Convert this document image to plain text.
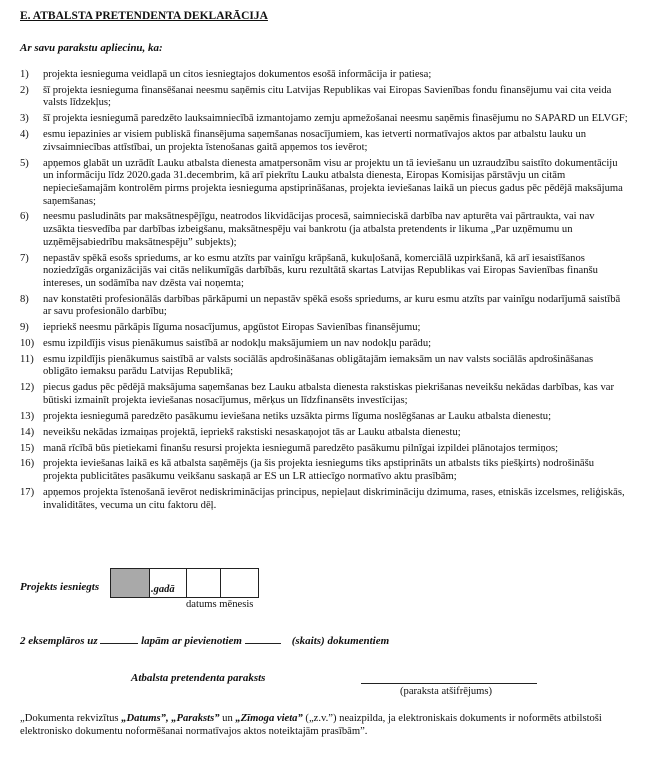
E. ATBALSTA PRETENDENTA DEKLARĀCIJA
Ar savu parakstu apliecinu, ka:
1)	projekta iesnieguma veidlapā un citos iesniegtajos dokumentos esošā informācija ir patiesa;
2)	šī projekta iesnieguma finansēšanai neesmu saņēmis citu Latvijas Republikas vai Eiropas Savienības fondu finansējumu vai cita veida valsts līdzekļus;
3)	šī projekta iesniegumā paredzēto lauksaimniecībā izmantojamo zemju apmežošanai neesmu saņēmis finasējumu no SAPARD un ELVGF;
4)	esmu iepazinies ar visiem publiskā finansējuma saņemšanas nosacījumiem, kas ietverti normatīvajos aktos par atbalstu lauku un zivsaimniecības attīstībai, un projekta īstenošanas gaitā apņemos tos ievērot;
5)	apņemos glabāt un uzrādīt Lauku atbalsta dienesta amatpersonām visu ar projektu un tā ieviešanu un uzraudzību saistīto dokumentāciju un informāciju līdz 2020.gada 31.decembrim, kā arī piekrītu Lauku atbalsta dienesta, Eiropas Komisijas pārstāvju un citām nepieciešamajām kontrolēm pirms projekta iesnieguma apstiprināšanas, projekta ieviešanas laikā un piecus gadus pēc pēdējā maksājuma saņemšanas;
6)	neesmu pasludināts par maksātnespējīgu, neatrodos likvidācijas procesā, saimnieciskā darbība nav apturēta vai pārtraukta, vai nav uzsākta tiesvedība par darbības izbeigšanu, maksātnespēju vai bankrotu (ja atbalsta pretendents ir likuma „Par uzņēmumu un uzņēmējsabiedrību maksātnespēju” subjekts);
7)	nepastāv spēkā esošs spriedums, ar ko esmu atzīts par vainīgu krāpšanā, kukuļošanā, komerciālā uzpirkšanā, kā arī iesaistīšanos noziedzīgās organizācijās vai citās nelikumīgās darbībās, kuru rezultātā skartas Latvijas Republikas vai Eiropas Savienības finanšu intereses, un sodāmība nav dzēsta vai noņemta;
8)	nav konstatēti profesionālās darbības pārkāpumi un nepastāv spēkā esošs spriedums, ar kuru esmu atzīts par vainīgu nodarījumā saistībā ar savu profesionālo darbību;
9)	iepriekš neesmu pārkāpis līguma nosacījumus, apgūstot Eiropas Savienības finansējumu;
10) esmu izpildījis visus pienākumus saistībā ar nodokļu maksājumiem un nav nodokļu parādu;
11) esmu izpildījis pienākumus saistībā ar valsts sociālās apdrošināšanas obligātajām iemaksām un nav valsts sociālās apdrošināšanas obligāto iemaksu parādu Latvijas Republikā;
12) piecus gadus pēc pēdējā maksājuma saņemšanas bez Lauku atbalsta dienesta rakstiskas piekrišanas neveikšu nekādas darbības, kas var būtiski izmainīt projekta ieviešanas nosacījumus, mērķus un līdzfinansēts investīcijas;
13) projekta iesniegumā paredzēto pasākumu ieviešana netiks uzsākta pirms līguma noslēgšanas ar Lauku atbalsta dienestu;
14) neveikšu nekādas izmaiņas projektā, iepriekš rakstiski nesaskaņojot tās ar Lauku atbalsta dienestu;
15) manā rīcībā būs pietiekami finanšu resursi projekta iesniegumā paredzēto pasākumu pilnīgai izpildei plānotajos termiņos;
16) projekta ieviešanas laikā es kā atbalsta saņēmējs (ja šis projekta iesniegums tiks apstiprināts un atbalsts tiks piešķirts) nodrošināšu projekta publicitātes pasākumu veikšanu saskaņā ar ES un LR attiecīgo normatīvo aktu prasībām;
17) apņemos projekta īstenošanā ievērot nediskriminācijas principus, nepieļaut diskrimināciju dzimuma, rases, etniskās izcelsmes, reliģiskās, invaliditātes, vecuma un citu faktoru dēļ.
Projekts iesniegts	.gadā
datums mēnesis
2 eksemplāros uz	lapām ar pievienotiem	(skaits) dokumentiem
Atbalsta pretendenta paraksts
(paraksta atšifrējums)
„Dokumenta rekvizītus „Datums”, „Paraksts” un „Zīmoga vieta” („z.v.”) neaizpilda, ja elektroniskais dokuments ir noformēts atbilstoši elektronisko dokumentu noformēšanai normatīvajos aktos noteiktajām prasībām”.
